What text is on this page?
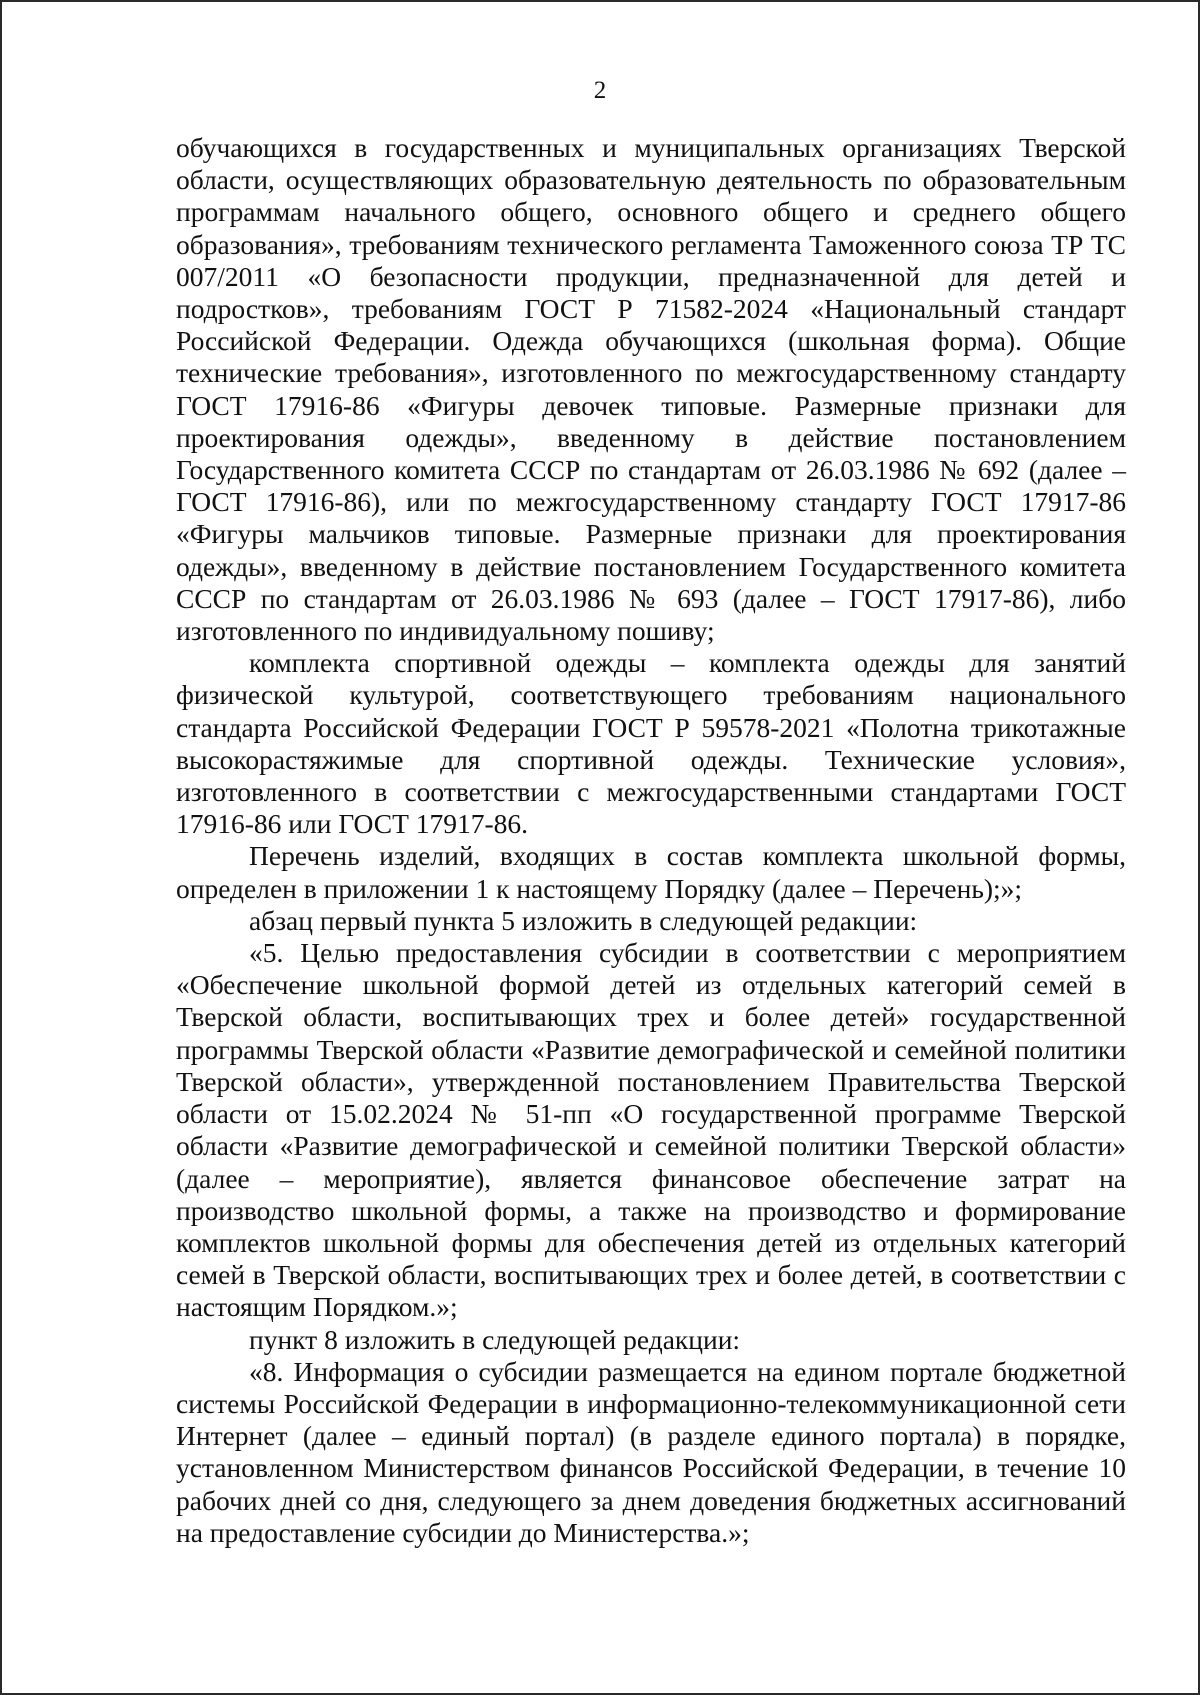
2

обучающихся в государственных и муниципальных организациях Тверской области, осуществляющих образовательную деятельность по образовательным программам начального общего, основного общего и среднего общего образования», требованиям технического регламента Таможенного союза ТР ТС 007/2011 «О безопасности продукции, предназначенной для детей и подростков», требованиям ГОСТ Р 71582-2024 «Национальный стандарт Российской Федерации. Одежда обучающихся (школьная форма). Общие технические требования», изготовленного по межгосударственному стандарту ГОСТ 17916-86 «Фигуры девочек типовые. Размерные признаки для проектирования одежды», введенному в действие постановлением Государственного комитета СССР по стандартам от 26.03.1986 № 692 (далее – ГОСТ 17916-86), или по межгосударственному стандарту ГОСТ 17917-86 «Фигуры мальчиков типовые. Размерные признаки для проектирования одежды», введенному в действие постановлением Государственного комитета СССР по стандартам от 26.03.1986 № 693 (далее – ГОСТ 17917-86), либо изготовленного по индивидуальному пошиву;

комплекта спортивной одежды – комплекта одежды для занятий физической культурой, соответствующего требованиям национального стандарта Российской Федерации ГОСТ Р 59578-2021 «Полотна трикотажные высокорастяжимые для спортивной одежды. Технические условия», изготовленного в соответствии с межгосударственными стандартами ГОСТ 17916-86 или ГОСТ 17917-86.

Перечень изделий, входящих в состав комплекта школьной формы, определен в приложении 1 к настоящему Порядку (далее – Перечень);»;

абзац первый пункта 5 изложить в следующей редакции:

«5. Целью предоставления субсидии в соответствии с мероприятием «Обеспечение школьной формой детей из отдельных категорий семей в Тверской области, воспитывающих трех и более детей» государственной программы Тверской области «Развитие демографической и семейной политики Тверской области», утвержденной постановлением Правительства Тверской области от 15.02.2024 № 51-пп «О государственной программе Тверской области «Развитие демографической и семейной политики Тверской области» (далее – мероприятие), является финансовое обеспечение затрат на производство школьной формы, а также на производство и формирование комплектов школьной формы для обеспечения детей из отдельных категорий семей в Тверской области, воспитывающих трех и более детей, в соответствии с настоящим Порядком.»;

пункт 8 изложить в следующей редакции:

«8. Информация о субсидии размещается на едином портале бюджетной системы Российской Федерации в информационно-телекоммуникационной сети Интернет (далее – единый портал) (в разделе единого портала) в порядке, установленном Министерством финансов Российской Федерации, в течение 10 рабочих дней со дня, следующего за днем доведения бюджетных ассигнований на предоставление субсидии до Министерства.»;
